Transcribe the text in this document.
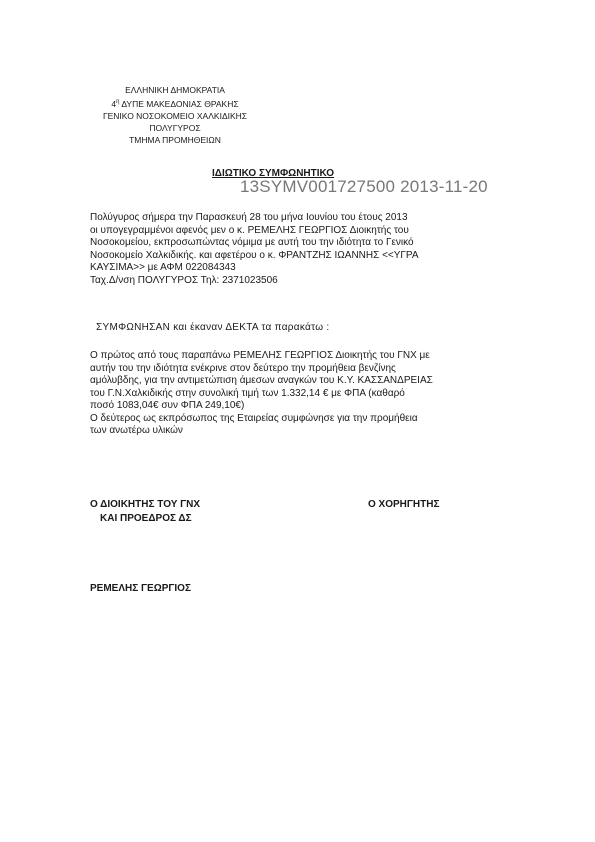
ΕΛΛΗΝΙΚΗ ΔΗΜΟΚΡΑΤΙΑ
$4^\eta$ ΔΥΠΕ ΜΑΚΕΔΟΝΙΑΣ ΘΡΑΚΗΣ
ΓΕΝΙΚΟ ΝΟΣΟΚΟΜΕΙΟ ΧΑΛΚΙΔΙΚΗΣ
ΠΟΛΥΓΥΡΟΣ
ΤΜΗΜΑ ΠΡΟΜΗΘΕΙΩΝ
ΙΔΙΩΤΙΚΟ ΣΥΜΦΩΝΗΤΙΚΟ
13SYMV001727500 2013-11-20
Πολύγυρος σήμερα την Παρασκευή 28 του μήνα Ιουνίου του έτους 2013
οι υπογεγραμμένοι αφενός μεν ο κ. ΡΕΜΕΛΗΣ ΓΕΩΡΓΙΟΣ Διοικητής του
Νοσοκομείου, εκπροσωπώντας νόμιμα με αυτή του την ιδιότητα το Γενικό
Νοσοκομείο Χαλκιδικής. και αφετέρου ο κ. ΦΡΑΝΤΖΗΣ ΙΩΑΝΝΗΣ <<ΥΓΡΑ
ΚΑΥΣΙΜΑ>> με ΑΦΜ 022084343
Ταχ.Δ/νση ΠΟΛΥΓΥΡΟΣ Τηλ: 2371023506
ΣΥΜΦΩΝΗΣΑΝ και έκαναν ΔΕΚΤΑ τα παρακάτω :
Ο πρώτος από τους παραπάνω ΡΕΜΕΛΗΣ ΓΕΩΡΓΙΟΣ Διοικητής του ΓΝΧ με
αυτήν του την ιδιότητα ενέκρινε στον δεύτερο την προμήθεια βενζίνης
αμόλυβδης, για την αντιμετώπιση άμεσων αναγκών του Κ.Υ. ΚΑΣΣΑΝΔΡΕΙΑΣ
του Γ.Ν.Χαλκιδικής στην συνολική τιμή των 1.332,14 € με ΦΠΑ (καθαρό
ποσό 1083,04€ συν ΦΠΑ 249,10€)
Ο δεύτερος ως εκπρόσωπος της Εταιρείας συμφώνησε για την προμήθεια
των ανωτέρω υλικών
Ο ΔΙΟΙΚΗΤΗΣ ΤΟΥ ΓΝΧ
ΚΑΙ ΠΡΟΕΔΡΟΣ ΔΣ
Ο ΧΟΡΗΓΗΤΗΣ
ΡΕΜΕΛΗΣ ΓΕΩΡΓΙΟΣ
